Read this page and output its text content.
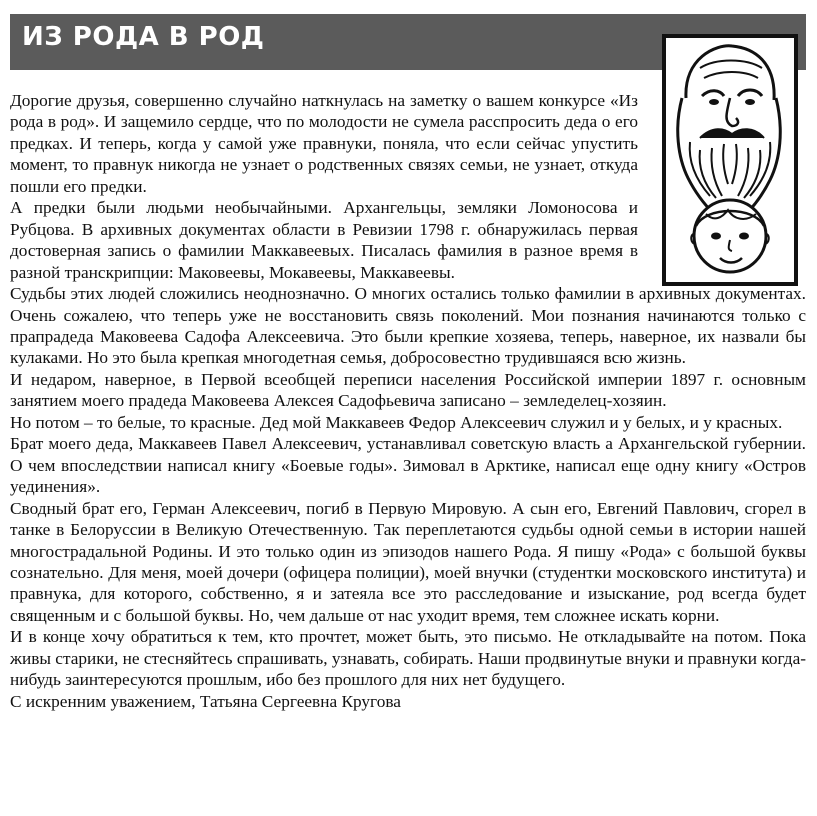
ИЗ РОДА В РОД

Дорогие друзья, совершенно случайно наткнулась на заметку о вашем конкурсе «Из рода в род». И защемило сердце, что по молодости не сумела расспросить деда о его предках. И теперь, когда у самой уже правнуки, поняла, что если сейчас упустить момент, то правнук никогда не узнает о родственных связях семьи, не узнает, откуда пошли его предки.

А предки были людьми необычайными. Архангельцы, земляки Ломоносова и Рубцова. В архивных документах области в Ревизии 1798 г. обнаружилась первая достоверная запись о фамилии Маккавеевых. Писалась фамилия в разное время в разной транскрипции: Маковеевы, Мокавеевы, Маккавеевы.

Судьбы этих людей сложились неоднозначно. О многих остались только фамилии в архивных документах. Очень сожалею, что теперь уже не восстановить связь поколений. Мои познания начинаются только с прапрадеда Маковеева Садофа Алексеевича. Это были крепкие хозяева, теперь, наверное, их назвали бы кулаками. Но это была крепкая многодетная семья, добросовестно трудившаяся всю жизнь.

И недаром, наверное, в Первой всеобщей переписи населения Российской империи 1897 г. основным занятием моего прадеда Маковеева Алексея Садофьевича записано – земледелец-хозяин.

Но потом – то белые, то красные. Дед мой Маккавеев Федор Алексеевич служил и у белых, и у красных.

Брат моего деда, Маккавеев Павел Алексеевич, устанавливал советскую власть а Архангельской губернии. О чем впоследствии написал книгу «Боевые годы». Зимовал в Арктике, написал еще одну книгу «Остров уединения».

Сводный брат его, Герман Алексеевич, погиб в Первую Мировую. А сын его, Евгений Павлович, сгорел в танке в Белоруссии в Великую Отечественную. Так переплетаются судьбы одной семьи в истории нашей многострадальной Родины. И это только один из эпизодов нашего Рода. Я пишу «Рода» с большой буквы сознательно. Для меня, моей дочери (офицера полиции), моей внучки (студентки московского института) и правнука, для которого, собственно, я и затеяла все это расследование и изыскание, род всегда будет священным и с большой буквы. Но, чем дальше от нас уходит время, тем сложнее искать корни.

И в конце хочу обратиться к тем, кто прочтет, может быть, это письмо. Не откладывайте на потом. Пока живы старики, не стесняйтесь спрашивать, узнавать, собирать. Наши продвинутые внуки и правнуки когда-нибудь заинтересуются прошлым, ибо без прошлого для них нет будущего.

С искренним уважением, Татьяна Сергеевна Кругова
